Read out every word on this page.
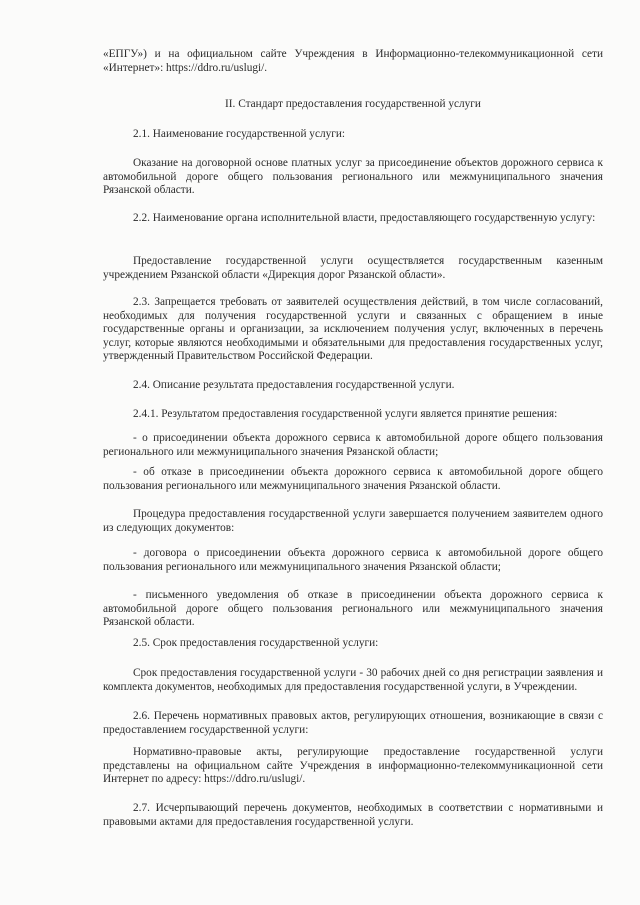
«ЕПГУ») и на официальном сайте Учреждения в Информационно-телекоммуникационной сети «Интернет»: https://ddro.ru/uslugi/.

II. Стандарт предоставления государственной услуги

2.1. Наименование государственной услуги:

Оказание на договорной основе платных услуг за присоединение объектов дорожного сервиса к автомобильной дороге общего пользования регионального или межмуниципального значения Рязанской области.

2.2. Наименование органа исполнительной власти, предоставляющего государственную услугу:

Предоставление государственной услуги осуществляется государственным казенным учреждением Рязанской области «Дирекция дорог Рязанской области».

2.3. Запрещается требовать от заявителей осуществления действий, в том числе согласований, необходимых для получения государственной услуги и связанных с обращением в иные государственные органы и организации, за исключением получения услуг, включенных в перечень услуг, которые являются необходимыми и обязательными для предоставления государственных услуг, утвержденный Правительством Российской Федерации.

2.4. Описание результата предоставления государственной услуги.

2.4.1. Результатом предоставления государственной услуги является принятие решения:

- о присоединении объекта дорожного сервиса к автомобильной дороге общего пользования регионального или межмуниципального значения Рязанской области;

- об отказе в присоединении объекта дорожного сервиса к автомобильной дороге общего пользования регионального или межмуниципального значения Рязанской области.

Процедура предоставления государственной услуги завершается получением заявителем одного из следующих документов:

- договора о присоединении объекта дорожного сервиса к автомобильной дороге общего пользования регионального или межмуниципального значения Рязанской области;

- письменного уведомления об отказе в присоединении объекта дорожного сервиса к автомобильной дороге общего пользования регионального или межмуниципального значения Рязанской области.

2.5. Срок предоставления государственной услуги:

Срок предоставления государственной услуги - 30 рабочих дней со дня регистрации заявления и комплекта документов, необходимых для предоставления государственной услуги, в Учреждении.

2.6. Перечень нормативных правовых актов, регулирующих отношения, возникающие в связи с предоставлением государственной услуги:

Нормативно-правовые акты, регулирующие предоставление государственной услуги представлены на официальном сайте Учреждения в информационно-телекоммуникационной сети Интернет по адресу: https://ddro.ru/uslugi/.

2.7. Исчерпывающий перечень документов, необходимых в соответствии с нормативными и правовыми актами для предоставления государственной услуги.
